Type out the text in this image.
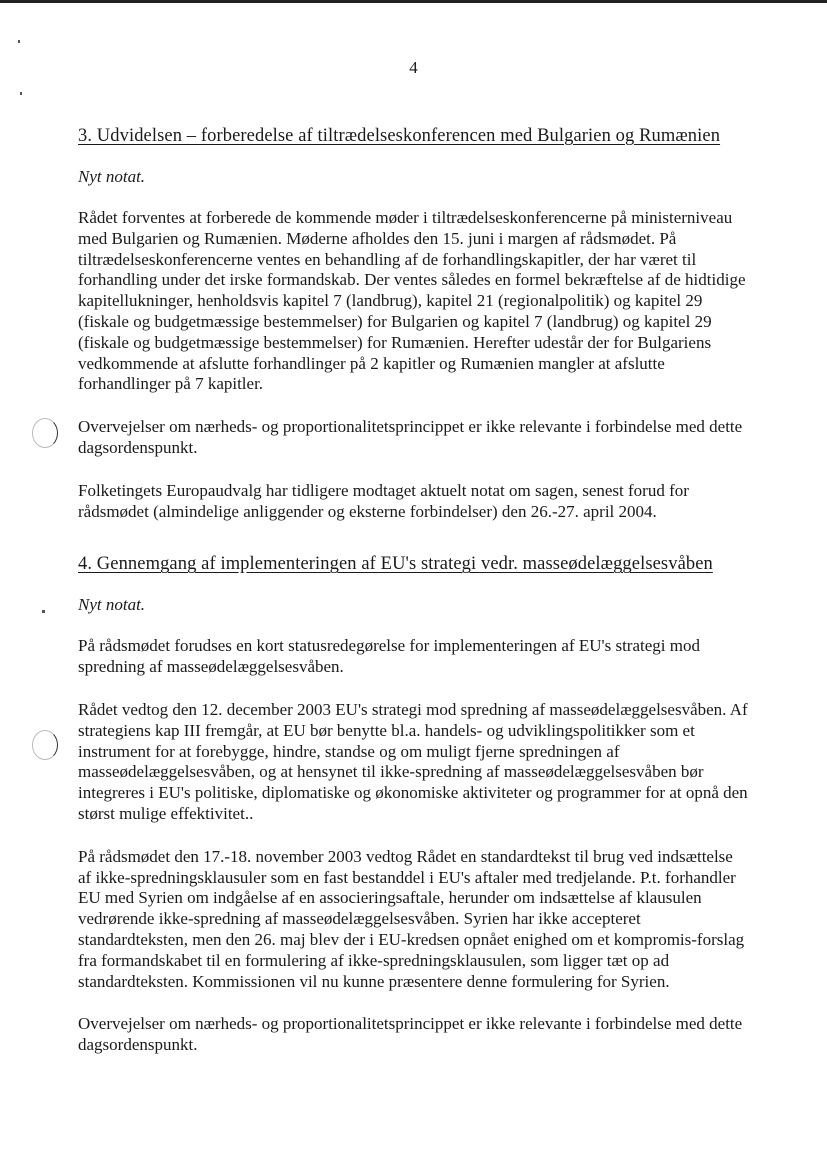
4
3. Udvidelsen – forberedelse af tiltrædelseskonferencen med Bulgarien og Rumænien

Nyt notat.

Rådet forventes at forberede de kommende møder i tiltrædelseskonferencerne på ministerniveau med Bulgarien og Rumænien. Møderne afholdes den 15. juni i margen af rådsmødet. På tiltrædelseskonferencerne ventes en behandling af de forhandlingskapitler, der har været til forhandling under det irske formandskab. Der ventes således en formel bekræftelse af de hidtidige kapitellukninger, henholdsvis kapitel 7 (landbrug), kapitel 21 (regionalpolitik) og kapitel 29 (fiskale og budgetmæssige bestemmelser) for Bulgarien og kapitel 7 (landbrug) og kapitel 29 (fiskale og budgetmæssige bestemmelser) for Rumænien. Herefter udestår der for Bulgariens vedkommende at afslutte forhandlinger på 2 kapitler og Rumænien mangler at afslutte forhandlinger på 7 kapitler.

Overvejelser om nærheds- og proportionalitetsprincippet er ikke relevante i forbindelse med dette dagsordenspunkt.

Folketingets Europaudvalg har tidligere modtaget aktuelt notat om sagen, senest forud for rådsmødet (almindelige anliggender og eksterne forbindelser) den 26.-27. april 2004.

4. Gennemgang af implementeringen af EU's strategi vedr. masseødelæggelsesvåben

Nyt notat.

På rådsmødet forudses en kort statusredegørelse for implementeringen af EU's strategi mod spredning af masseødelæggelsesvåben.

Rådet vedtog den 12. december 2003 EU's strategi mod spredning af masseødelæggelsesvåben. Af strategiens kap III fremgår, at EU bør benytte bl.a. handels- og udviklingspolitikker som et instrument for at forebygge, hindre, standse og om muligt fjerne spredningen af masseødelæggelsesvåben, og at hensynet til ikke-spredning af masseødelæggelsesvåben bør integreres i EU's politiske, diplomatiske og økonomiske aktiviteter og programmer for at opnå den størst mulige effektivitet..

På rådsmødet den 17.-18. november 2003 vedtog Rådet en standardtekst til brug ved indsættelse af ikke-spredningsklausuler som en fast bestanddel i EU's aftaler med tredjelande. P.t. forhandler EU med Syrien om indgåelse af en associeringsaftale, herunder om indsættelse af klausulen vedrørende ikke-spredning af masseødelæggelsesvåben. Syrien har ikke accepteret standardteksten, men den 26. maj blev der i EU-kredsen opnået enighed om et kompromis-forslag fra formandskabet til en formulering af ikke-spredningsklausulen, som ligger tæt op ad standardteksten. Kommissionen vil nu kunne præsentere denne formulering for Syrien.

Overvejelser om nærheds- og proportionalitetsprincippet er ikke relevante i forbindelse med dette dagsordenspunkt.
